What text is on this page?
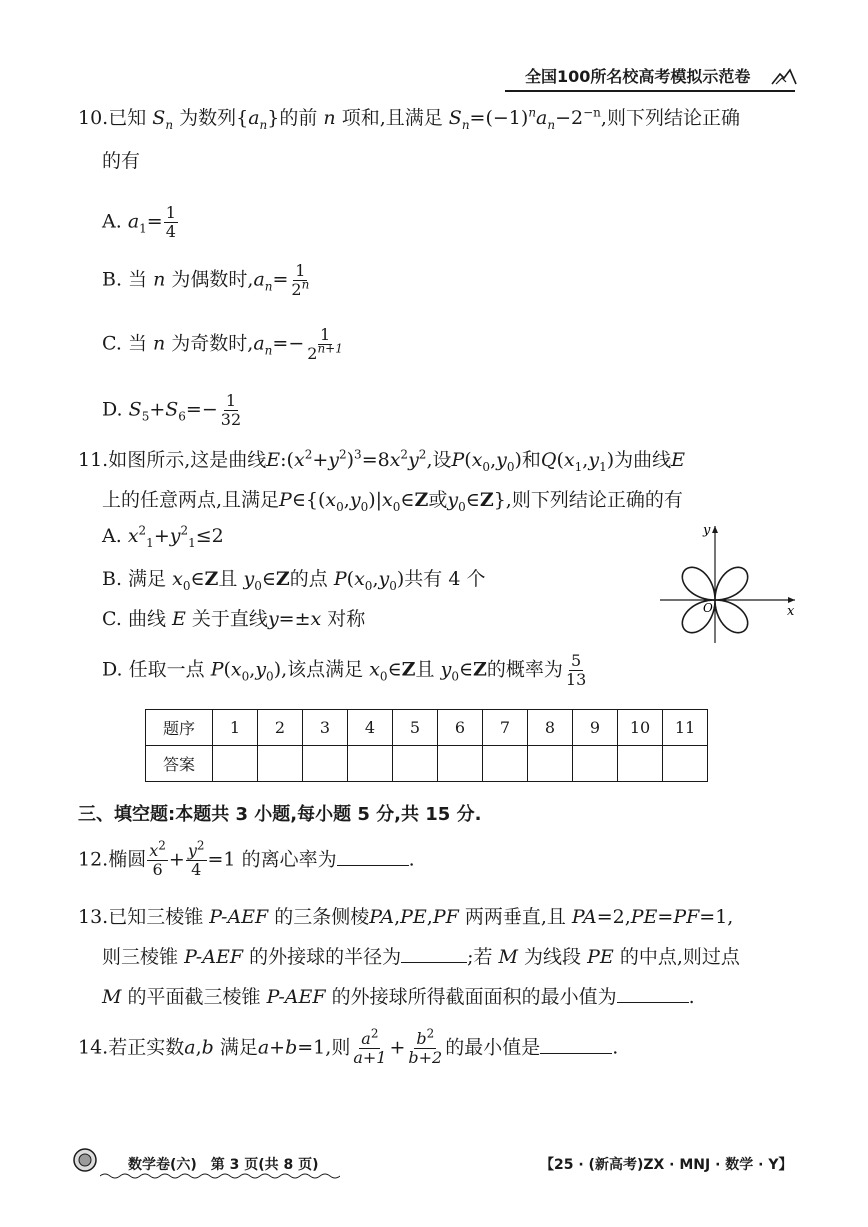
全国100所名校高考模拟示范卷
10.已知 $S_n$ 为数列$\{a_n\}$的前 n 项和,且满足 $S_n=(-1)^na_n-2^{-n}$,则下列结论正确
的有
A. $a_1= \frac{1}{4}$
B. 当 n 为偶数时$,a_n= \frac{1}{2^n}$
C. 当 n 为奇数时$,a_n=- \frac{1}{2^{n+1}}$
D. $S_5+S_6=- \frac{1}{32}$
11.如图所示,这是曲线$E:(x^2+y^2)^3=8x^2y^2$,设$P(x_0,y_0)$和$Q(x_1,y_1)$为曲线E
上的任意两点,且满足$P\in\{(x_0,y_0)|x_0\in Z$或$y_0\in Z$},则下列结论正确的有
A. $x^2_1+y^2_1\le 2$
B. 满足 $x_0\in Z$且 $y_0\in Z$的点 $P(x_0,y_0)$共有 4 个
C. 曲线 E 关于直线y=±x 对称
D. 任取一点 $P(x_0,y_0)$,该点满足 $x_0\in Z$且 $y_0\in Z$的概率为 $\frac{5}{13}$
y
x
O
题序	1	2	3	4	5	6	7	8	9	10	11
答案											
三、填空题:本题共 3 小题,每小题 5 分,共 15 分.
12.椭圆 $\frac{x^2}{6} + \frac{y^2}{4} =1$ 的离心率为	.
13.已知三棱锥 P-AEF 的三条侧棱PA,PE,PF 两两垂直,且 PA=2,PE=PF=1,
则三棱锥 P-AEF 的外接球的半径为	;若 M 为线段 PE 的中点,则过点
M 的平面截三棱锥 P-AEF 的外接球所得截面面积的最小值为	.
14.若正实数a,b 满足a+b=1,则 $\frac{a^2}{a+1} + \frac{b^2}{b+2}$ 的最小值是	.
数学卷(六)　第 3 页(共 8 页)	【25 · (新高考)ZX · MNJ · 数学 · Y】
